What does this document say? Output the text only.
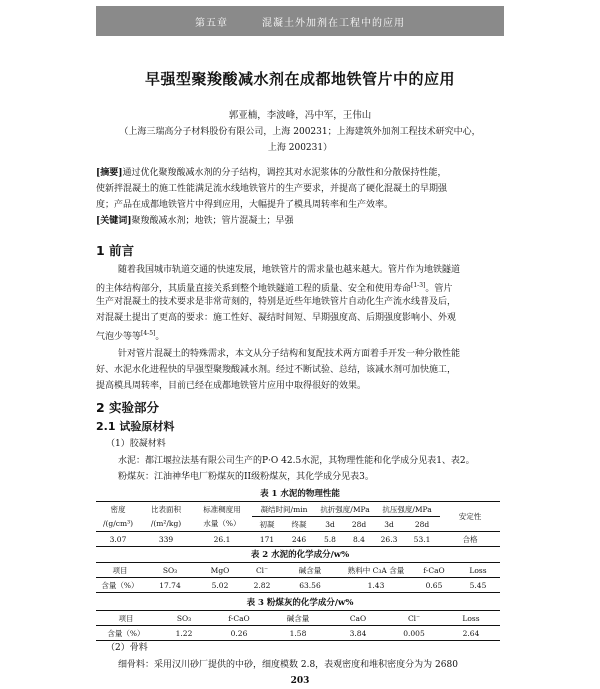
第五章	混凝土外加剂在工程中的应用
早强型聚羧酸减水剂在成都地铁管片中的应用
郭亚楠，李波峰，冯中军，王伟山
（上海三瑞高分子材料股份有限公司，上海 200231；上海建筑外加剂工程技术研究中心，
上海 200231）
[摘要]通过优化聚羧酸减水剂的分子结构，调控其对水泥浆体的分散性和分散保持性能，
使新拌混凝土的施工性能满足流水线地铁管片的生产要求，并提高了硬化混凝土的早期强
度；产品在成都地铁管片中得到应用，大幅提升了模具周转率和生产效率。
[关键词]聚羧酸减水剂；地铁；管片混凝土；早强
1 前言
随着我国城市轨道交通的快速发展，地铁管片的需求量也越来越大。管片作为地铁隧道
的主体结构部分，其质量直接关系到整个地铁隧道工程的质量、安全和使用寿命[1-3]。管片
生产对混凝土的技术要求是非常苛刻的，特别是近些年地铁管片自动化生产流水线普及后，
对混凝土提出了更高的要求：施工性好、凝结时间短、早期强度高、后期强度影响小、外观
气泡少等等[4-5]。
针对管片混凝土的特殊需求，本文从分子结构和复配技术两方面着手开发一种分散性能
好、水泥水化进程快的早强型聚羧酸减水剂。经过不断试验、总结，该减水剂可加快施工，
提高模具周转率，目前已经在成都地铁管片应用中取得很好的效果。
2 实验部分
2.1 试验原材料
（1）胶凝材料
水泥：都江堰拉法基有限公司生产的P·O 42.5水泥，其物理性能和化学成分见表1、表2。
粉煤灰：江油神华电厂粉煤灰的II级粉煤灰，其化学成分见表3。
表 1 水泥的物理性能
密度	比表面积	标准稠度用	凝结时间/min		抗折强度/MPa		抗压强度/MPa		安定性
/(g/cm³)	/(m²/kg)	水量（%）	初凝	终凝	3d	28d	3d	28d	
3.07	339	26.1	171	246	5.8	8.4	26.3	53.1	合格
表 2 水泥的化学成分/w%
项目	SO₃	MgO	Cl⁻	碱含量	熟料中 C₃A 含量	f-CaO	Loss
含量（%）	17.74	5.02	2.82	63.56	1.43	0.65	5.45
表 3 粉煤灰的化学成分/w%
项目	SO₃	f-CaO	碱含量	CaO	Cl⁻	Loss
含量（%）	1.22	0.26	1.58	3.84	0.005	2.64
（2）骨料
细骨料：采用汉川砂厂提供的中砂，细度模数 2.8，表观密度和堆积密度分为为 2680
203
